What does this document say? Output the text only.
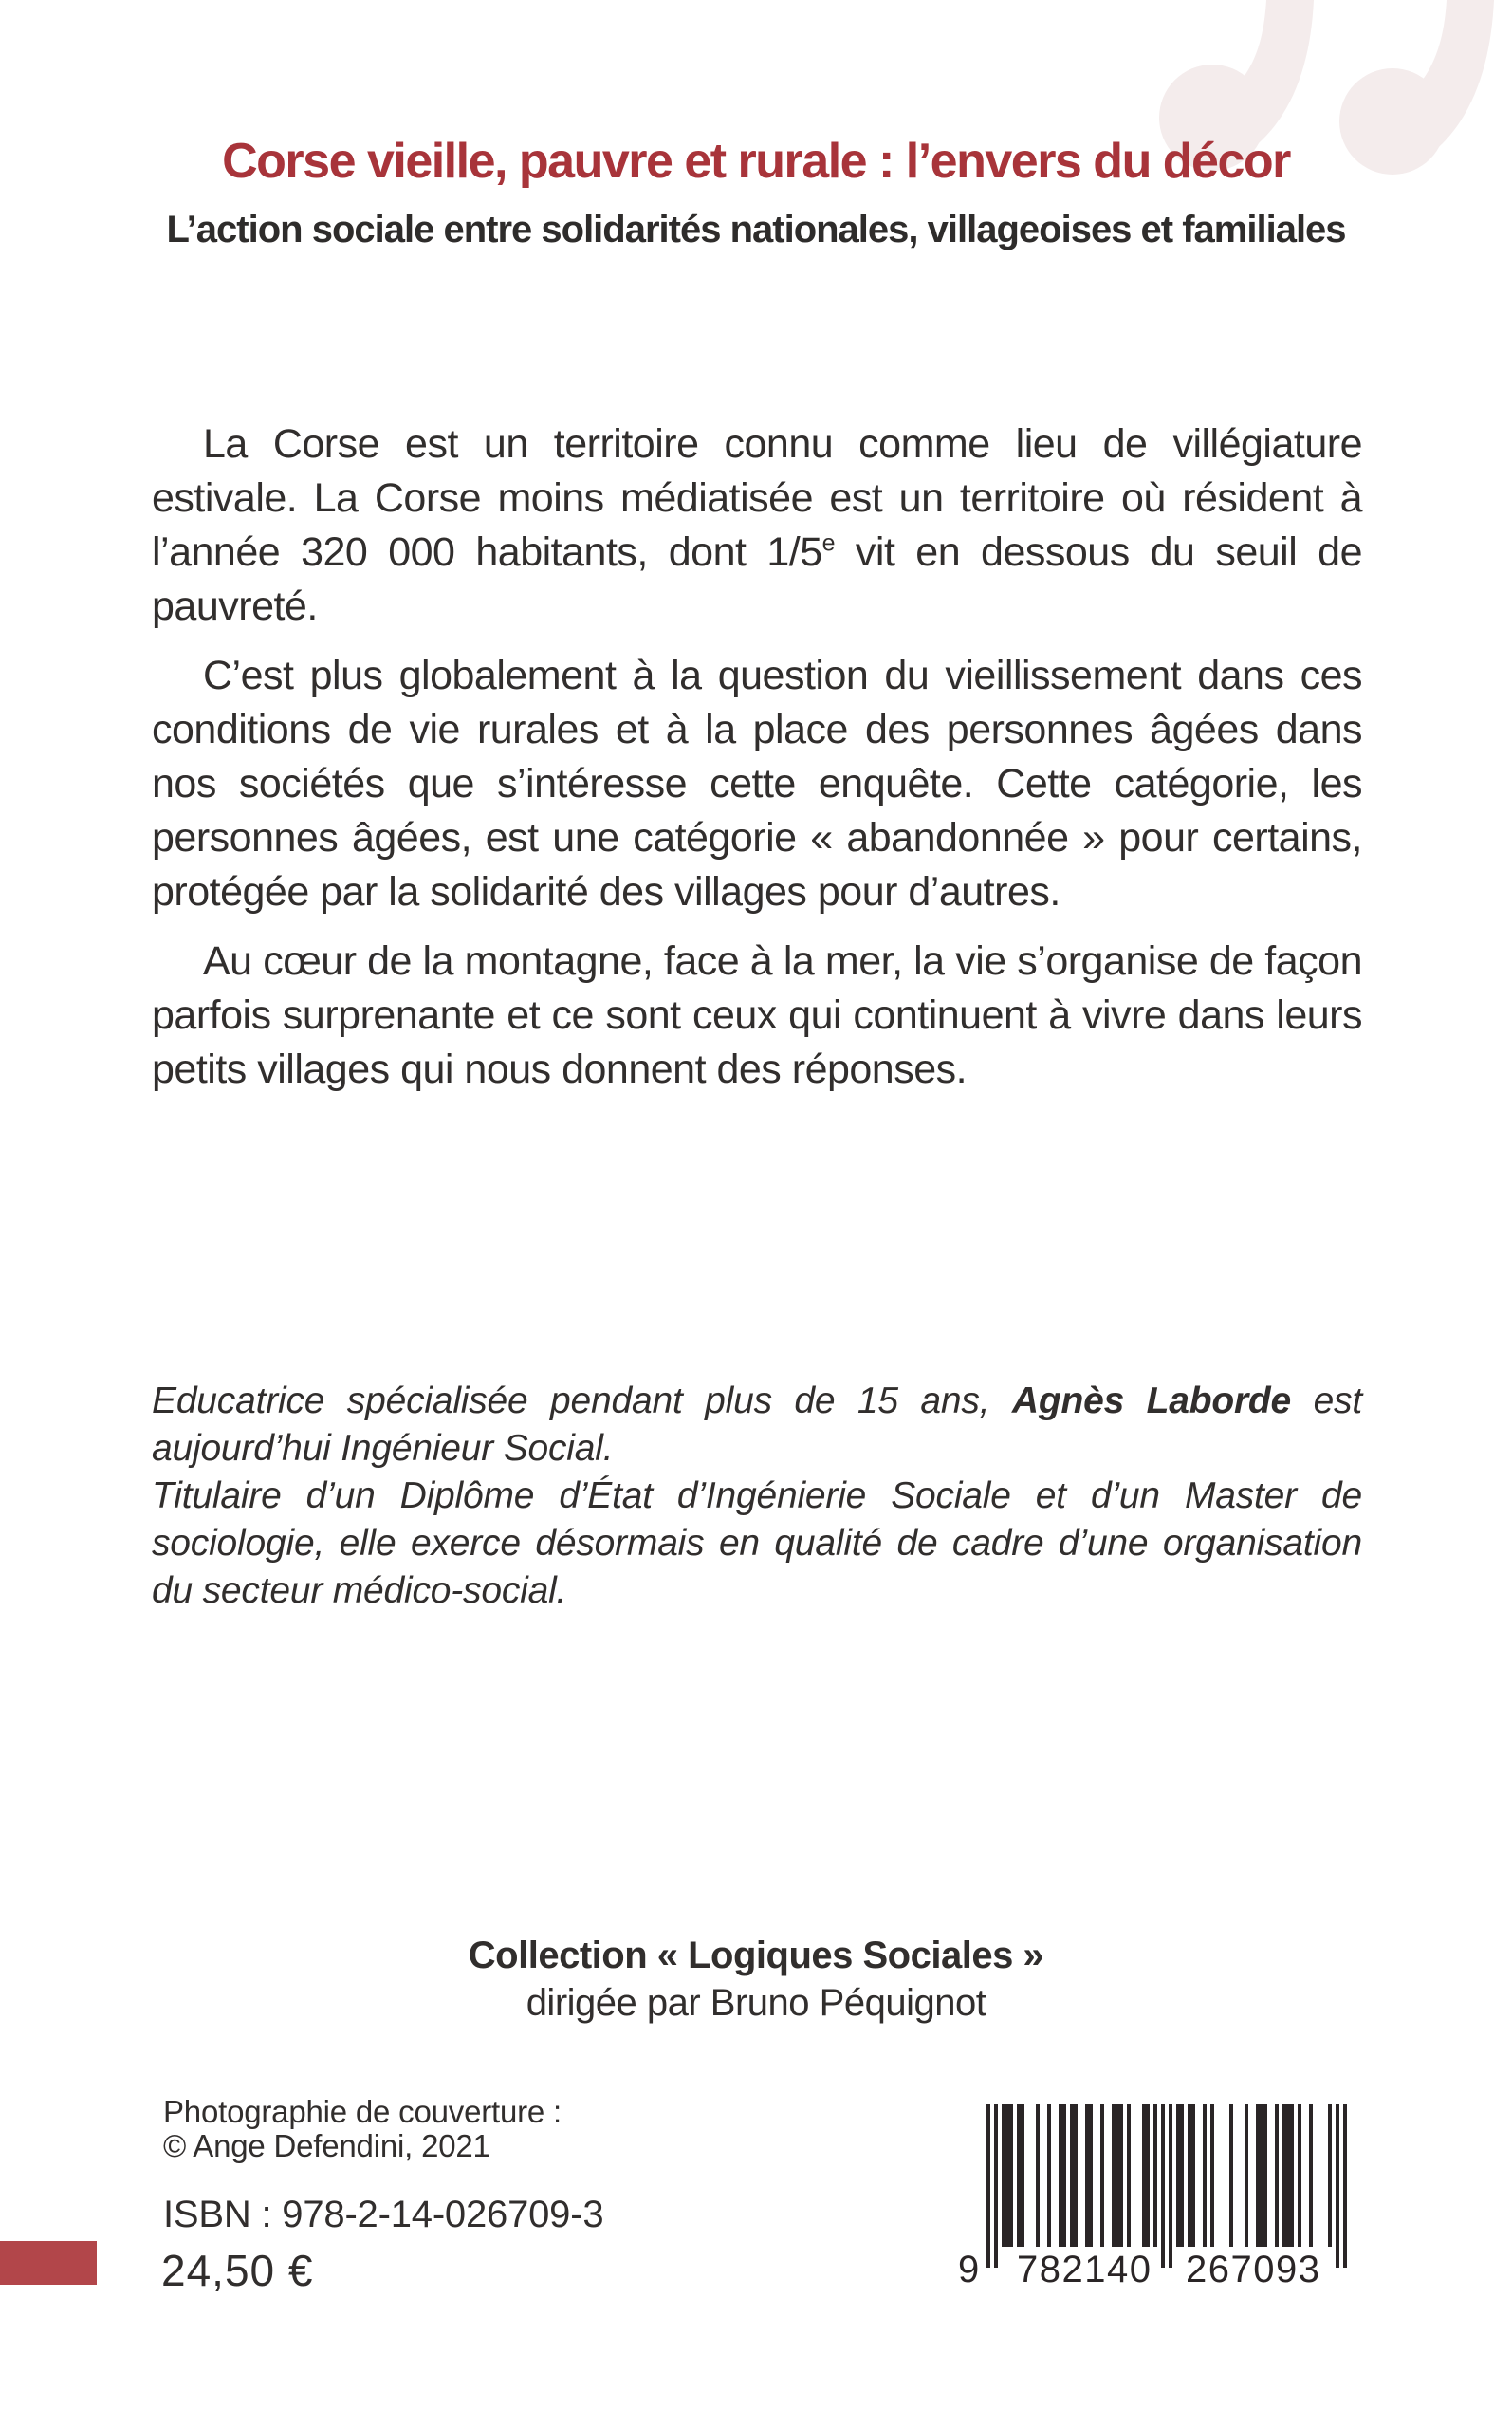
Corse vieille, pauvre et rurale : l’envers du décor
L’action sociale entre solidarités nationales, villageoises et familiales

La Corse est un territoire connu comme lieu de villégiature estivale. La Corse moins médiatisée est un territoire où résident à l’année 320 000 habitants, dont 1/5e vit en dessous du seuil de pauvreté.

C’est plus globalement à la question du vieillissement dans ces conditions de vie rurales et à la place des personnes âgées dans nos sociétés que s’intéresse cette enquête. Cette catégorie, les personnes âgées, est une catégorie « abandonnée » pour certains, protégée par la solidarité des villages pour d’autres.

Au cœur de la montagne, face à la mer, la vie s’organise de façon parfois surprenante et ce sont ceux qui continuent à vivre dans leurs petits villages qui nous donnent des réponses.

Educatrice spécialisée pendant plus de 15 ans, Agnès Laborde est aujourd’hui Ingénieur Social.

Titulaire d’un Diplôme d’État d’Ingénierie Sociale et d’un Master de sociologie, elle exerce désormais en qualité de cadre d’une organisation du secteur médico-social.

Collection « Logiques Sociales »
dirigée par Bruno Péquignot
Photographie de couverture :
© Ange Defendini, 2021
ISBN : 978-2-14-026709-3
24,50 €	9 782140 267093
